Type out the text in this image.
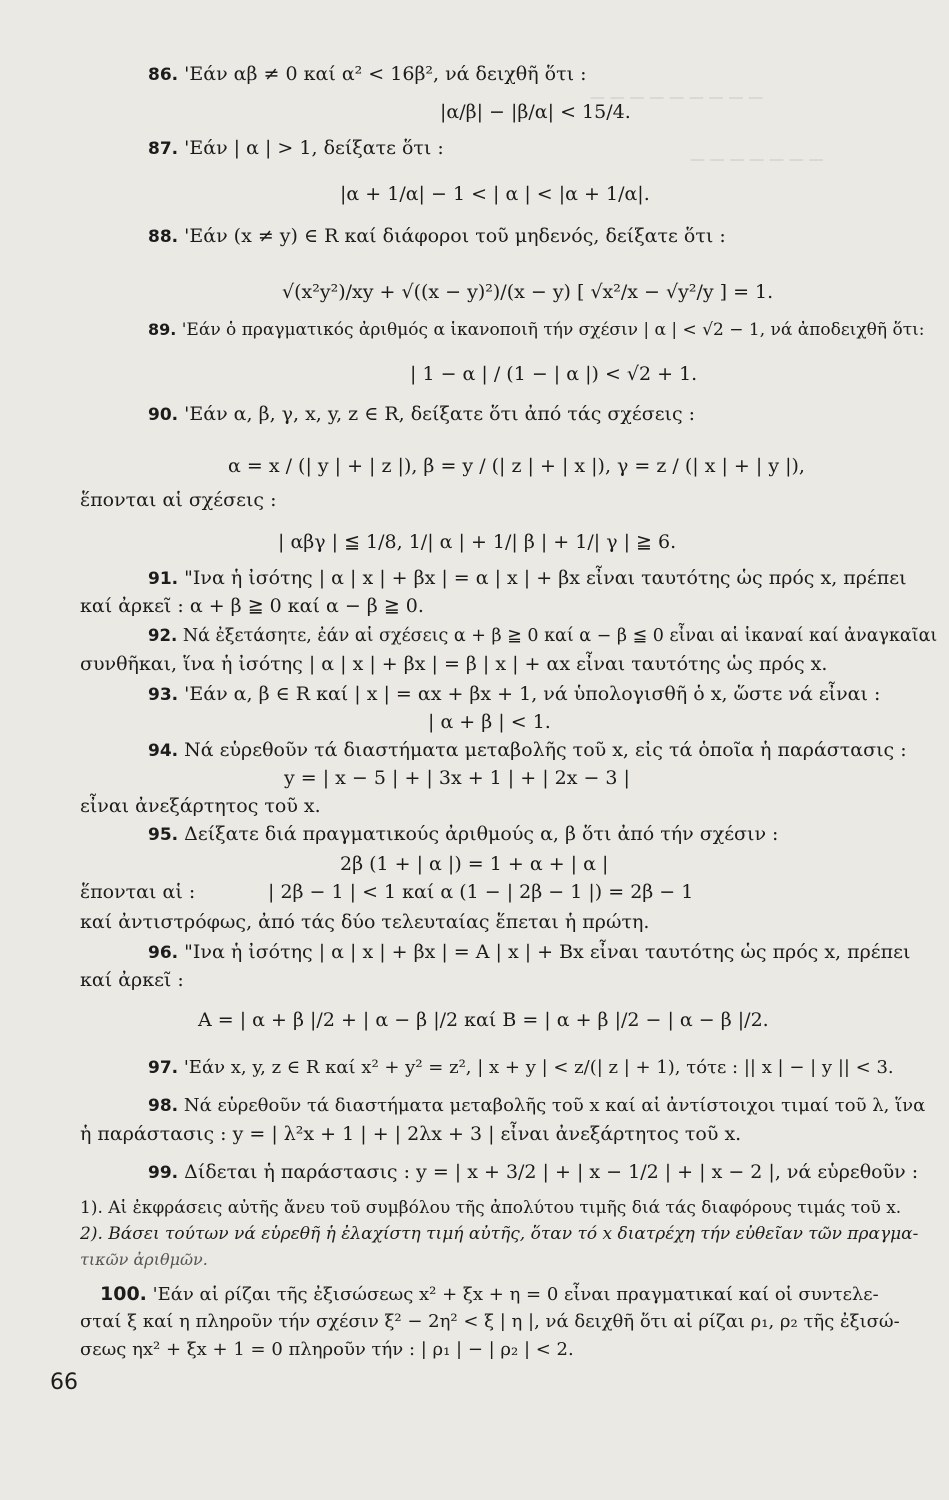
— — — — — — — — —
— — — — — — —
86. 'Εάν αβ ≠ 0 καί α² < 16β², νά δειχθῆ ὅτι :
|α/β| − |β/α| < 15/4.
87. 'Εάν | α | > 1, δείξατε ὅτι :
|α + 1/α| − 1 < | α | < |α + 1/α|.
88. 'Εάν (x ≠ y) ∈ R καί διάφοροι τοῦ μηδενός, δείξατε ὅτι :
√(x²y²)/xy + √((x − y)²)/(x − y) [ √x²/x − √y²/y ] = 1.
89. 'Εάν ὁ πραγματικός ἀριθμός α ἱκανοποιῆ τήν σχέσιν | α | < √2 − 1, νά ἀποδειχθῆ ὅτι:
| 1 − α | / (1 − | α |) < √2 + 1.
90. 'Εάν α, β, γ, x, y, z ∈ R, δείξατε ὅτι ἀπό τάς σχέσεις :
α = x / (| y | + | z |), β = y / (| z | + | x |), γ = z / (| x | + | y |),
ἕπονται αἱ σχέσεις :
| αβγ | ≦ 1/8, 1/| α | + 1/| β | + 1/| γ | ≧ 6.
91. "Ινα ἡ ἰσότης | α | x | + βx | = α | x | + βx εἶναι ταυτότης ὡς πρός x, πρέπει
καί ἀρκεῖ : α + β ≧ 0 καί α − β ≧ 0.
92. Νά ἐξετάσητε, ἐάν αἱ σχέσεις α + β ≧ 0 καί α − β ≦ 0 εἶναι αἱ ἱκαναί καί ἀναγκαῖαι
συνθῆκαι, ἵνα ἡ ἰσότης | α | x | + βx | = β | x | + αx εἶναι ταυτότης ὡς πρός x.
93. 'Εάν α, β ∈ R καί | x | = αx + βx + 1, νά ὑπολογισθῆ ὁ x, ὥστε νά εἶναι :
| α + β | < 1.
94. Νά εὑρεθοῦν τά διαστήματα μεταβολῆς τοῦ x, εἰς τά ὁποῖα ἡ παράστασις :
y = | x − 5 | + | 3x + 1 | + | 2x − 3 |
εἶναι ἀνεξάρτητος τοῦ x.
95. Δείξατε διά πραγματικούς ἀριθμούς α, β ὅτι ἀπό τήν σχέσιν :
2β (1 + | α |) = 1 + α + | α |
ἕπονται αἱ :	| 2β − 1 | < 1 καί α (1 − | 2β − 1 |) = 2β − 1
καί ἀντιστρόφως, ἀπό τάς δύο τελευταίας ἕπεται ἡ πρώτη.
96. "Ινα ἡ ἰσότης | α | x | + βx | = A | x | + Bx εἶναι ταυτότης ὡς πρός x, πρέπει
καί ἀρκεῖ :
A = | α + β |/2 + | α − β |/2 καί B = | α + β |/2 − | α − β |/2.
97. 'Εάν x, y, z ∈ R καί x² + y² = z², | x + y | < z/(| z | + 1), τότε : || x | − | y || < 3.
98. Νά εὑρεθοῦν τά διαστήματα μεταβολῆς τοῦ x καί αἱ ἀντίστοιχοι τιμαί τοῦ λ, ἵνα
ἡ παράστασις : y = | λ²x + 1 | + | 2λx + 3 | εἶναι ἀνεξάρτητος τοῦ x.
99. Δίδεται ἡ παράστασις : y = | x + 3/2 | + | x − 1/2 | + | x − 2 |, νά εὑρεθοῦν :
1). Αἱ ἐκφράσεις αὐτῆς ἄνευ τοῦ συμβόλου τῆς ἀπολύτου τιμῆς διά τάς διαφόρους τιμάς τοῦ x.
2). Βάσει τούτων νά εὑρεθῆ ἡ ἐλαχίστη τιμή αὐτῆς, ὅταν τό x διατρέχη τήν εὐθεῖαν τῶν πραγμα-
τικῶν ἀριθμῶν.
100. 'Εάν αἱ ρίζαι τῆς ἐξισώσεως x² + ξx + η = 0 εἶναι πραγματικαί καί οἱ συντελε-
σταί ξ καί η πληροῦν τήν σχέσιν ξ² − 2η² < ξ | η |, νά δειχθῆ ὅτι αἱ ρίζαι ρ₁, ρ₂ τῆς ἐξισώ-
σεως ηx² + ξx + 1 = 0 πληροῦν τήν : | ρ₁ | − | ρ₂ | < 2.
66
